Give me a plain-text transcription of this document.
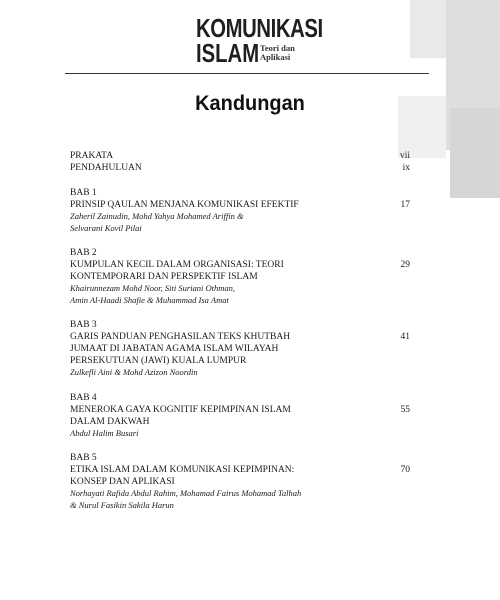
KOMUNIKASI
ISLAM Teori dan
Aplikasi
Kandungan
PRAKATA	vii
PENDAHULUAN	ix
BAB 1
PRINSIP QAULAN MENJANA KOMUNIKASI EFEKTIF	17
Zaheril Zainudin, Mohd Yahya Mohamed Ariffin &
Selvarani Kovil Pilai
BAB 2
KUMPULAN KECIL DALAM ORGANISASI: TEORI	29
KONTEMPORARI DAN PERSPEKTIF ISLAM
Khairunnezam Mohd Noor, Siti Suriani Othman,
Amin Al-Haadi Shafie & Muhammad Isa Amat
BAB 3
GARIS PANDUAN PENGHASILAN TEKS KHUTBAH	41
JUMAAT DI JABATAN AGAMA ISLAM WILAYAH
PERSEKUTUAN (JAWI) KUALA LUMPUR
Zulkefli Aini & Mohd Azizon Noordin
BAB 4
MENEROKA GAYA KOGNITIF KEPIMPINAN ISLAM	55
DALAM DAKWAH
Abdul Halim Busari
BAB 5
ETIKA ISLAM DALAM KOMUNIKASI KEPIMPINAN:	70
KONSEP DAN APLIKASI
Norhayati Rafida Abdul Rahim, Mohamad Fairus Mohamad Talhah
& Nurul Fasikin Sakila Harun
